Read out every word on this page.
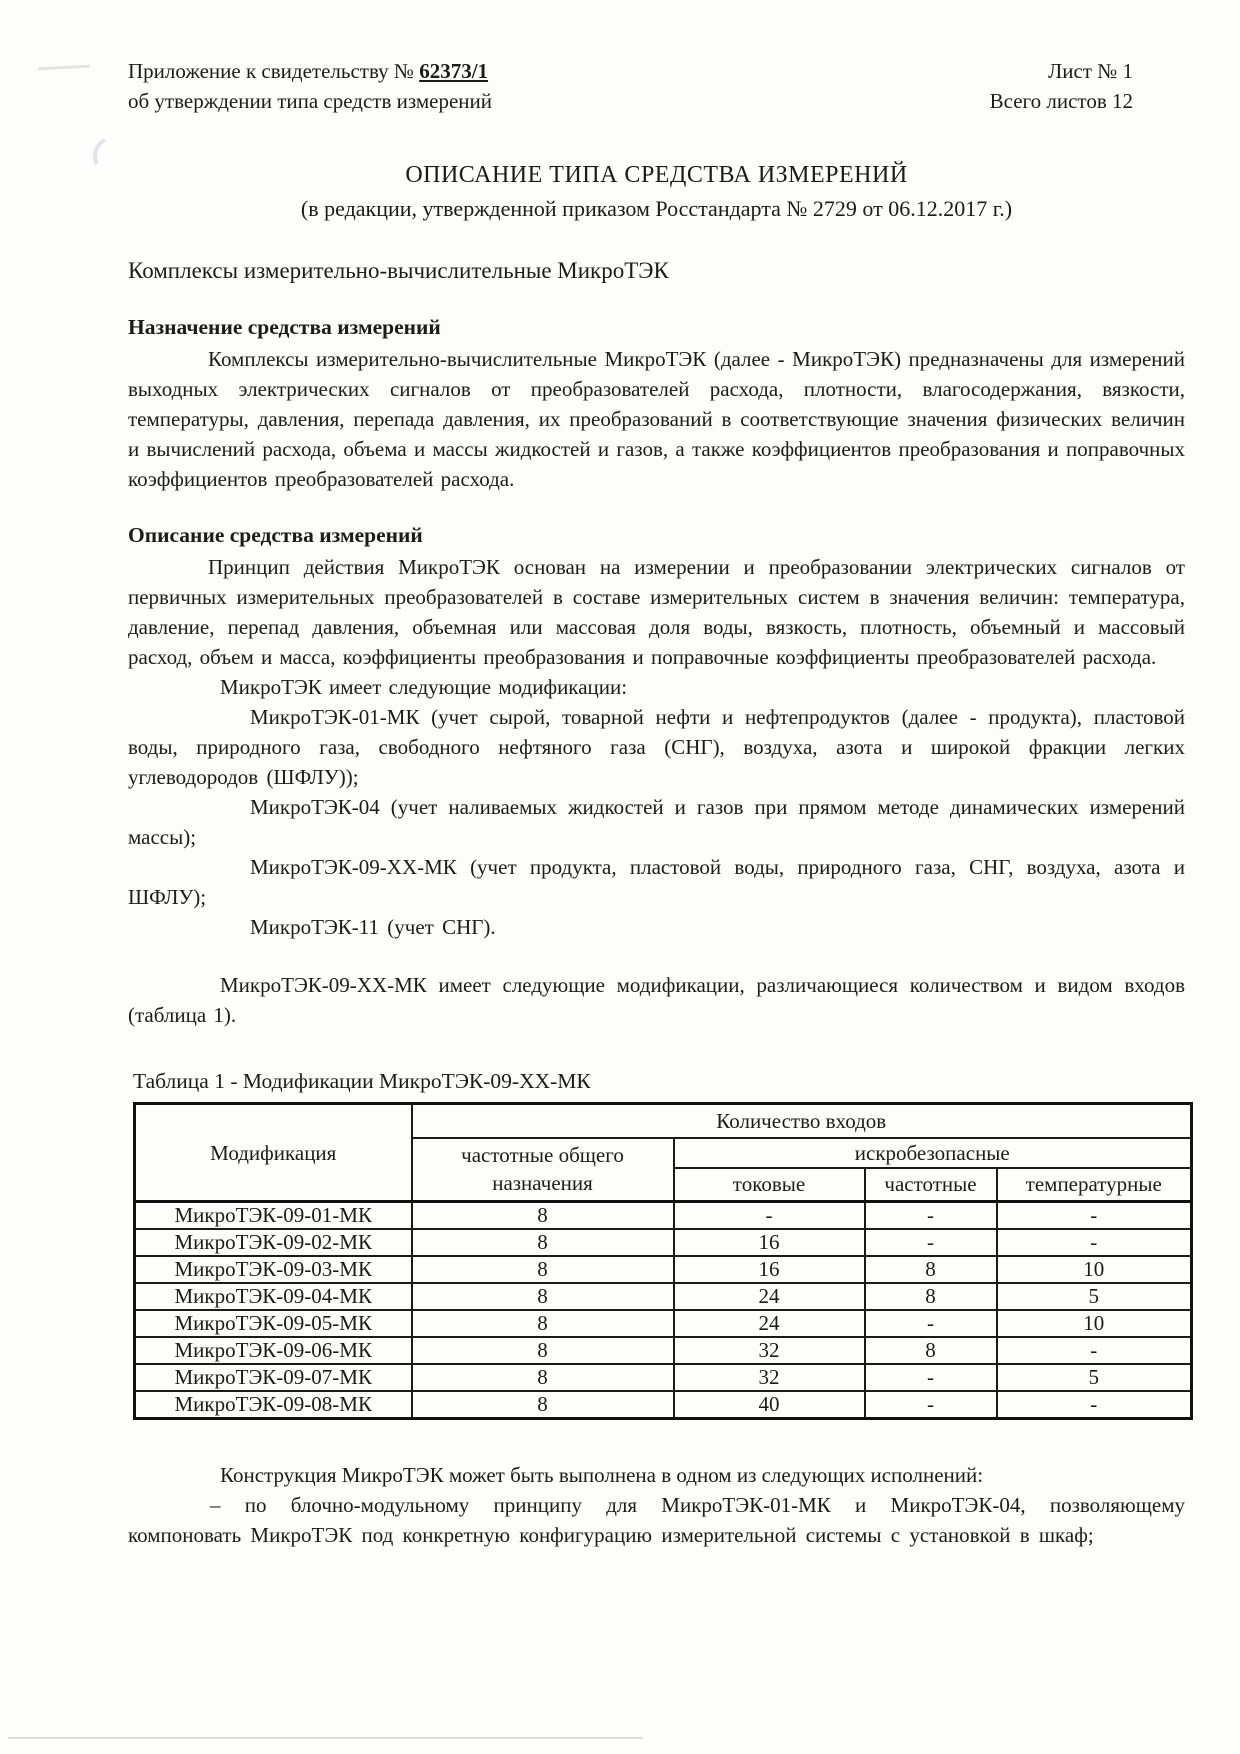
Приложение к свидетельству № 62373/1
об утверждении типа средств измерений
Лист № 1
Всего листов 12
ОПИСАНИЕ ТИПА СРЕДСТВА ИЗМЕРЕНИЙ
(в редакции, утвержденной приказом Росстандарта № 2729 от 06.12.2017 г.)
Комплексы измерительно-вычислительные МикроТЭК
Назначение средства измерений

Комплексы измерительно-вычислительные МикроТЭК (далее - МикроТЭК) предназначены для измерений выходных электрических сигналов от преобразователей расхода, плотности, влагосодержания, вязкости, температуры, давления, перепада давления, их преобразований в соответствующие значения физических величин и вычислений расхода, объема и массы жидкостей и газов, а также коэффициентов преобразования и поправочных коэффициентов преобразователей расхода.

Описание средства измерений

Принцип действия МикроТЭК основан на измерении и преобразовании электрических сигналов от первичных измерительных преобразователей в составе измерительных систем в значения величин: температура, давление, перепад давления, объемная или массовая доля воды, вязкость, плотность, объемный и массовый расход, объем и масса, коэффициенты преобразования и поправочные коэффициенты преобразователей расхода.

МикроТЭК имеет следующие модификации:

МикроТЭК-01-МК (учет сырой, товарной нефти и нефтепродуктов (далее - продукта), пластовой воды, природного газа, свободного нефтяного газа (СНГ), воздуха, азота и широкой фракции легких углеводородов (ШФЛУ));

МикроТЭК-04 (учет наливаемых жидкостей и газов при прямом методе динамических измерений массы);

МикроТЭК-09-ХХ-МК (учет продукта, пластовой воды, природного газа, СНГ, воздуха, азота и ШФЛУ);

МикроТЭК-11 (учет СНГ).

МикроТЭК-09-ХХ-МК имеет следующие модификации, различающиеся количеством и видом входов (таблица 1).

Таблица 1 - Модификации МикроТЭК-09-ХХ-МК
Модификация	Количество входов			
	частотные общего назначения	искробезопасные		
		токовые	частотные	температурные
МикроТЭК-09-01-МК	8	-	-	-
МикроТЭК-09-02-МК	8	16	-	-
МикроТЭК-09-03-МК	8	16	8	10
МикроТЭК-09-04-МК	8	24	8	5
МикроТЭК-09-05-МК	8	24	-	10
МикроТЭК-09-06-МК	8	32	8	-
МикроТЭК-09-07-МК	8	32	-	5
МикроТЭК-09-08-МК	8	40	-	-

Конструкция МикроТЭК может быть выполнена в одном из следующих исполнений:

– по блочно-модульному принципу для МикроТЭК-01-МК и МикроТЭК-04, позволяющему компоновать МикроТЭК под конкретную конфигурацию измерительной системы с установкой в шкаф;
